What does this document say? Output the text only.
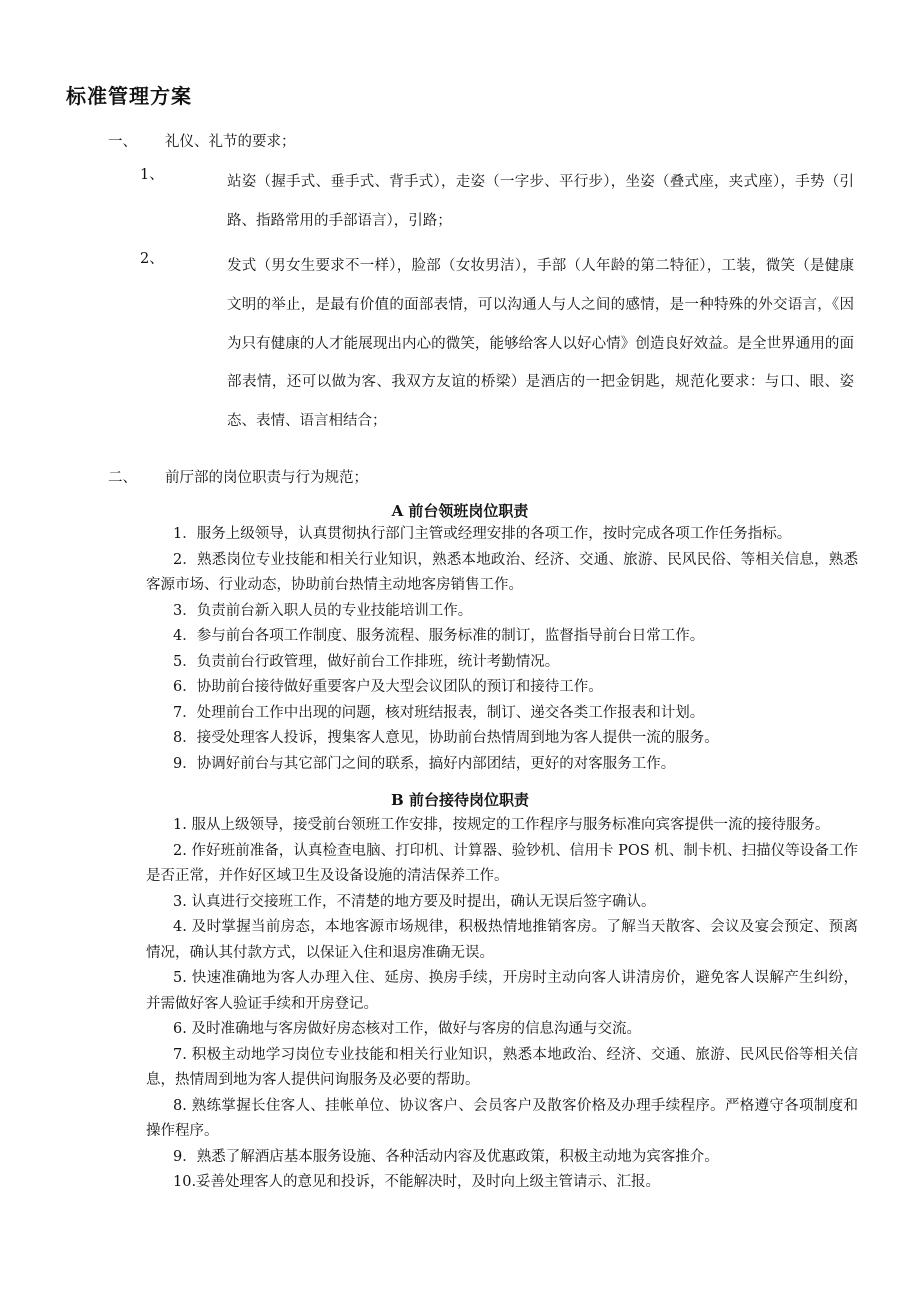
标准管理方案
一、 礼仪、礼节的要求；
1、	站姿（握手式、垂手式、背手式），走姿（一字步、平行步），坐姿（叠式座，夹式座），手势（引路、指路常用的手部语言），引路；
2、	发式（男女生要求不一样），脸部（女妆男洁），手部（人年龄的第二特征），工装，微笑（是健康文明的举止，是最有价值的面部表情，可以沟通人与人之间的感情，是一种特殊的外交语言，《因为只有健康的人才能展现出内心的微笑，能够给客人以好心情》创造良好效益。是全世界通用的面部表情，还可以做为客、我双方友谊的桥梁）是酒店的一把金钥匙，规范化要求：与口、眼、姿态、表情、语言相结合；
二、 前厅部的岗位职责与行为规范；
A 前台领班岗位职责

1．服务上级领导，认真贯彻执行部门主管或经理安排的各项工作，按时完成各项工作任务指标。

2．熟悉岗位专业技能和相关行业知识，熟悉本地政治、经济、交通、旅游、民风民俗、等相关信息，熟悉客源市场、行业动态，协助前台热情主动地客房销售工作。

3．负责前台新入职人员的专业技能培训工作。

4．参与前台各项工作制度、服务流程、服务标准的制订，监督指导前台日常工作。

5．负责前台行政管理，做好前台工作排班，统计考勤情况。

6．协助前台接待做好重要客户及大型会议团队的预订和接待工作。

7．处理前台工作中出现的问题，核对班结报表，制订、递交各类工作报表和计划。

8．接受处理客人投诉，搜集客人意见，协助前台热情周到地为客人提供一流的服务。

9．协调好前台与其它部门之间的联系，搞好内部团结，更好的对客服务工作。

B 前台接待岗位职责

1. 服从上级领导，接受前台领班工作安排，按规定的工作程序与服务标准向宾客提供一流的接待服务。

2. 作好班前准备，认真检查电脑、打印机、计算器、验钞机、信用卡 POS 机、制卡机、扫描仪等设备工作是否正常，并作好区域卫生及设备设施的清洁保养工作。

3. 认真进行交接班工作，不清楚的地方要及时提出，确认无误后签字确认。

4. 及时掌握当前房态，本地客源市场规律，积极热情地推销客房。了解当天散客、会议及宴会预定、预离情况，确认其付款方式，以保证入住和退房准确无误。

5. 快速准确地为客人办理入住、延房、换房手续，开房时主动向客人讲清房价，避免客人误解产生纠纷，并需做好客人验证手续和开房登记。

6. 及时准确地与客房做好房态核对工作，做好与客房的信息沟通与交流。

7. 积极主动地学习岗位专业技能和相关行业知识，熟悉本地政治、经济、交通、旅游、民风民俗等相关信息，热情周到地为客人提供问询服务及必要的帮助。

8. 熟练掌握长住客人、挂帐单位、协议客户、会员客户及散客价格及办理手续程序。严格遵守各项制度和操作程序。

9．熟悉了解酒店基本服务设施、各种活动内容及优惠政策，积极主动地为宾客推介。

10.妥善处理客人的意见和投诉，不能解决时，及时向上级主管请示、汇报。
